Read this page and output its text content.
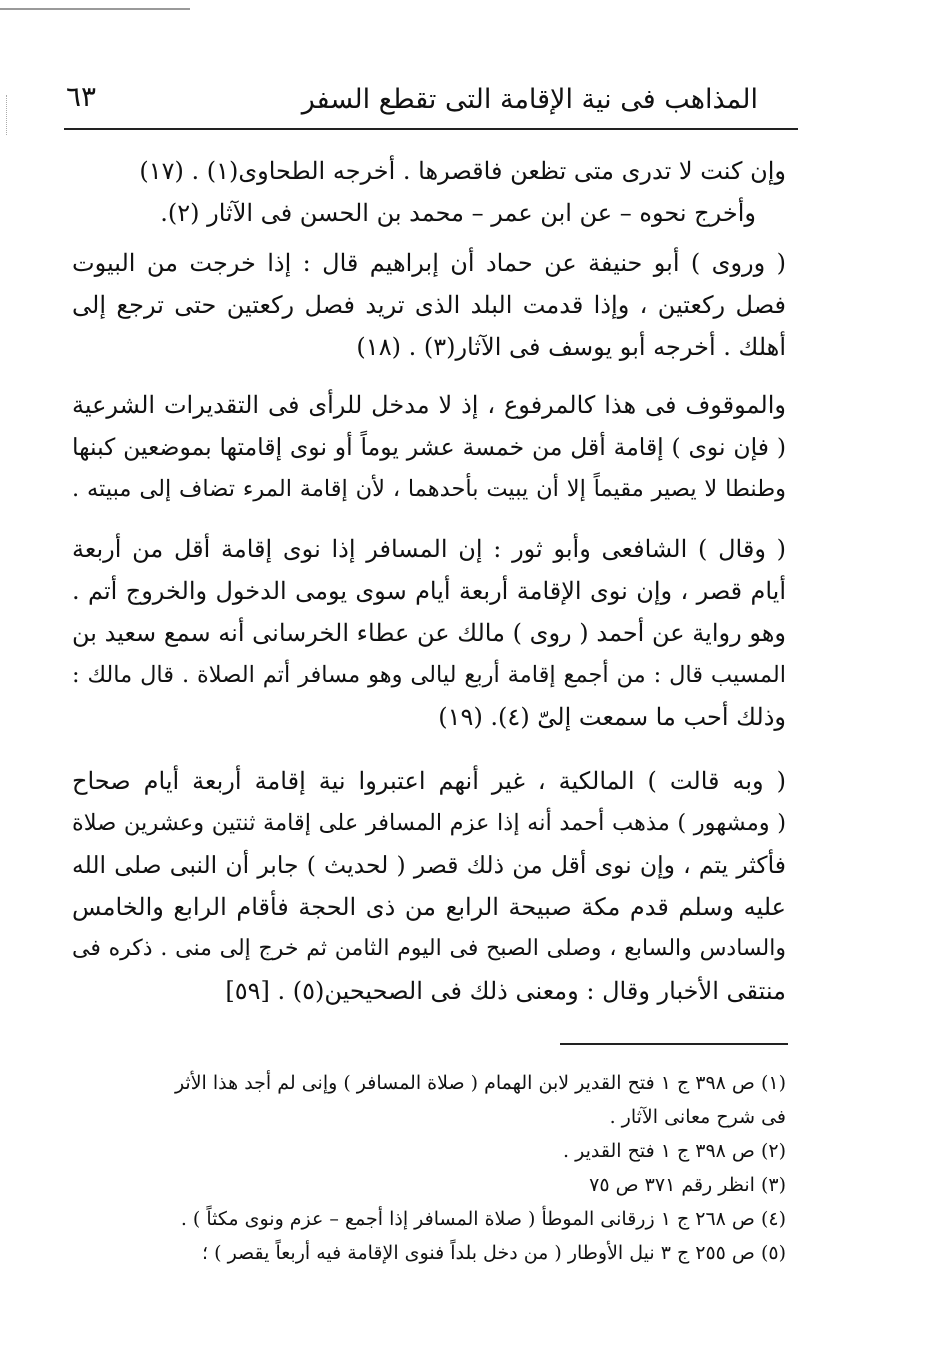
المذاهب فى نية الإقامة التى تقطع السفر
٦٣
وإن كنت لا تدرى متى تظعن فاقصرها . أخرجه الطحاوى(١) . (١٧)
وأخرج نحوه – عن ابن عمر – محمد بن الحسن فى الآثار (٢).
( وروى ) أبو حنيفة عن حماد أن إبراهيم قال : إذا خرجت من البيوت
فصل ركعتين ، وإذا قدمت البلد الذى تريد فصل ركعتين حتى ترجع إلى
أهلك . أخرجه أبو يوسف فى الآثار(٣) . (١٨)
والموقوف فى هذا كالمرفوع ، إذ لا مدخل للرأى فى التقديرات الشرعية
( فإن نوى ) إقامة أقل من خمسة عشر يوماً أو نوى إقامتها بموضعين كبنها
وطنطا لا يصير مقيماً إلا أن يبيت بأحدهما ، لأن إقامة المرء تضاف إلى مبيته .
( وقال ) الشافعى وأبو ثور : إن المسافر إذا نوى إقامة أقل من أربعة
أيام قصر ، وإن نوى الإقامة أربعة أيام سوى يومى الدخول والخروج أتم .
وهو رواية عن أحمد ( روى ) مالك عن عطاء الخرسانى أنه سمع سعيد بن
المسيب قال : من أجمع إقامة أربع ليالى وهو مسافر أتم الصلاة . قال مالك :
وذلك أحب ما سمعت إلىّ (٤). (١٩)
( وبه قالت ) المالكية ، غير أنهم اعتبروا نية إقامة أربعة أيام صحاح
( ومشهور ) مذهب أحمد أنه إذا عزم المسافر على إقامة ثنتين وعشرين صلاة
فأكثر يتم ، وإن نوى أقل من ذلك قصر ( لحديث ) جابر أن النبى صلى الله
عليه وسلم قدم مكة صبيحة الرابع من ذى الحجة فأقام الرابع والخامس
والسادس والسابع ، وصلى الصبح فى اليوم الثامن ثم خرج إلى منى . ذكره فى
منتقى الأخبار وقال : ومعنى ذلك فى الصحيحين(٥) . [٥٩]
(١) ص ٣٩٨ ج ١ فتح القدير لابن الهمام ( صلاة المسافر ) وإنى لم أجد هذا الأثر
فى شرح معانى الآثار .
(٢) ص ٣٩٨ ج ١ فتح القدير .
(٣) انظر رقم ٣٧١ ص ٧٥
(٤) ص ٢٦٨ ج ١ زرقانى الموطأ ( صلاة المسافر إذا أجمع – عزم ونوى مكثاً ) .
(٥) ص ٢٥٥ ج ٣ نيل الأوطار ( من دخل بلداً فنوى الإقامة فيه أربعاً يقصر ) ؛
